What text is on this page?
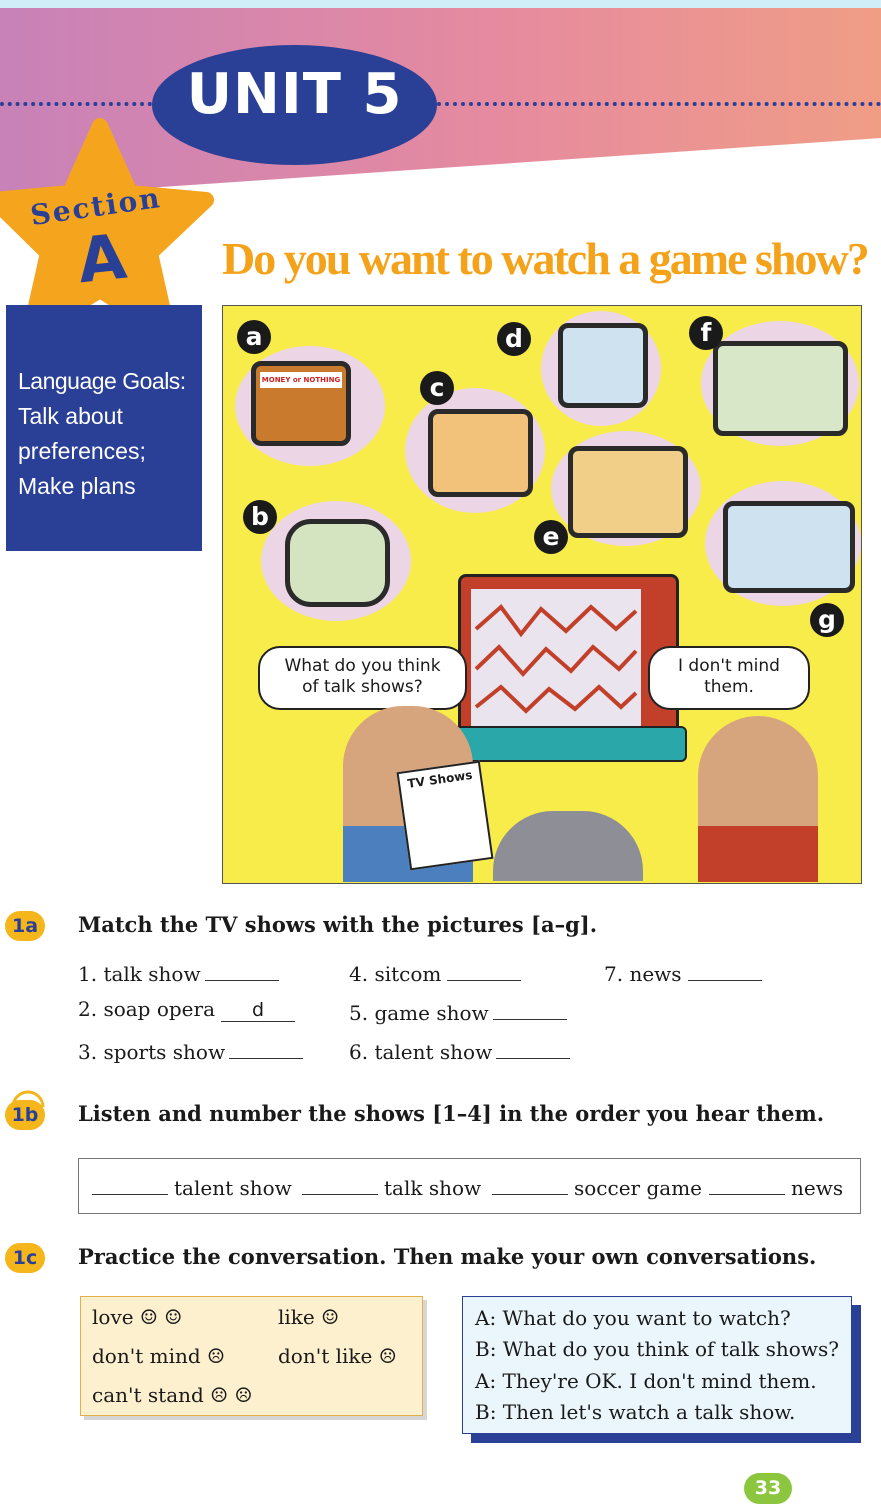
UNIT 5
Section
A Do you want to watch a game show?
Language Goals:
Talk about
preferences;
Make plans
MONEY or NOTHING
What do you think
of talk shows?
I don't mind
them.
TV Shows
a
b
c
d
e
f
g
1a	Match the TV shows with the pictures [a–g].
1. talk show
2. soap opera d
3. sports show
4. sitcom
5. game show
6. talent show
7. news
1b	Listen and number the shows [1–4] in the order you hear them.
talent show	talk show	soccer game	news
1c	Practice the conversation. Then make your own conversations.
love ☺ ☺	like ☺
don't mind ☹	don't like ☹
can't stand ☹ ☹
A: What do you want to watch?
B: What do you think of talk shows?
A: They're OK. I don't mind them.
B: Then let's watch a talk show.
33
